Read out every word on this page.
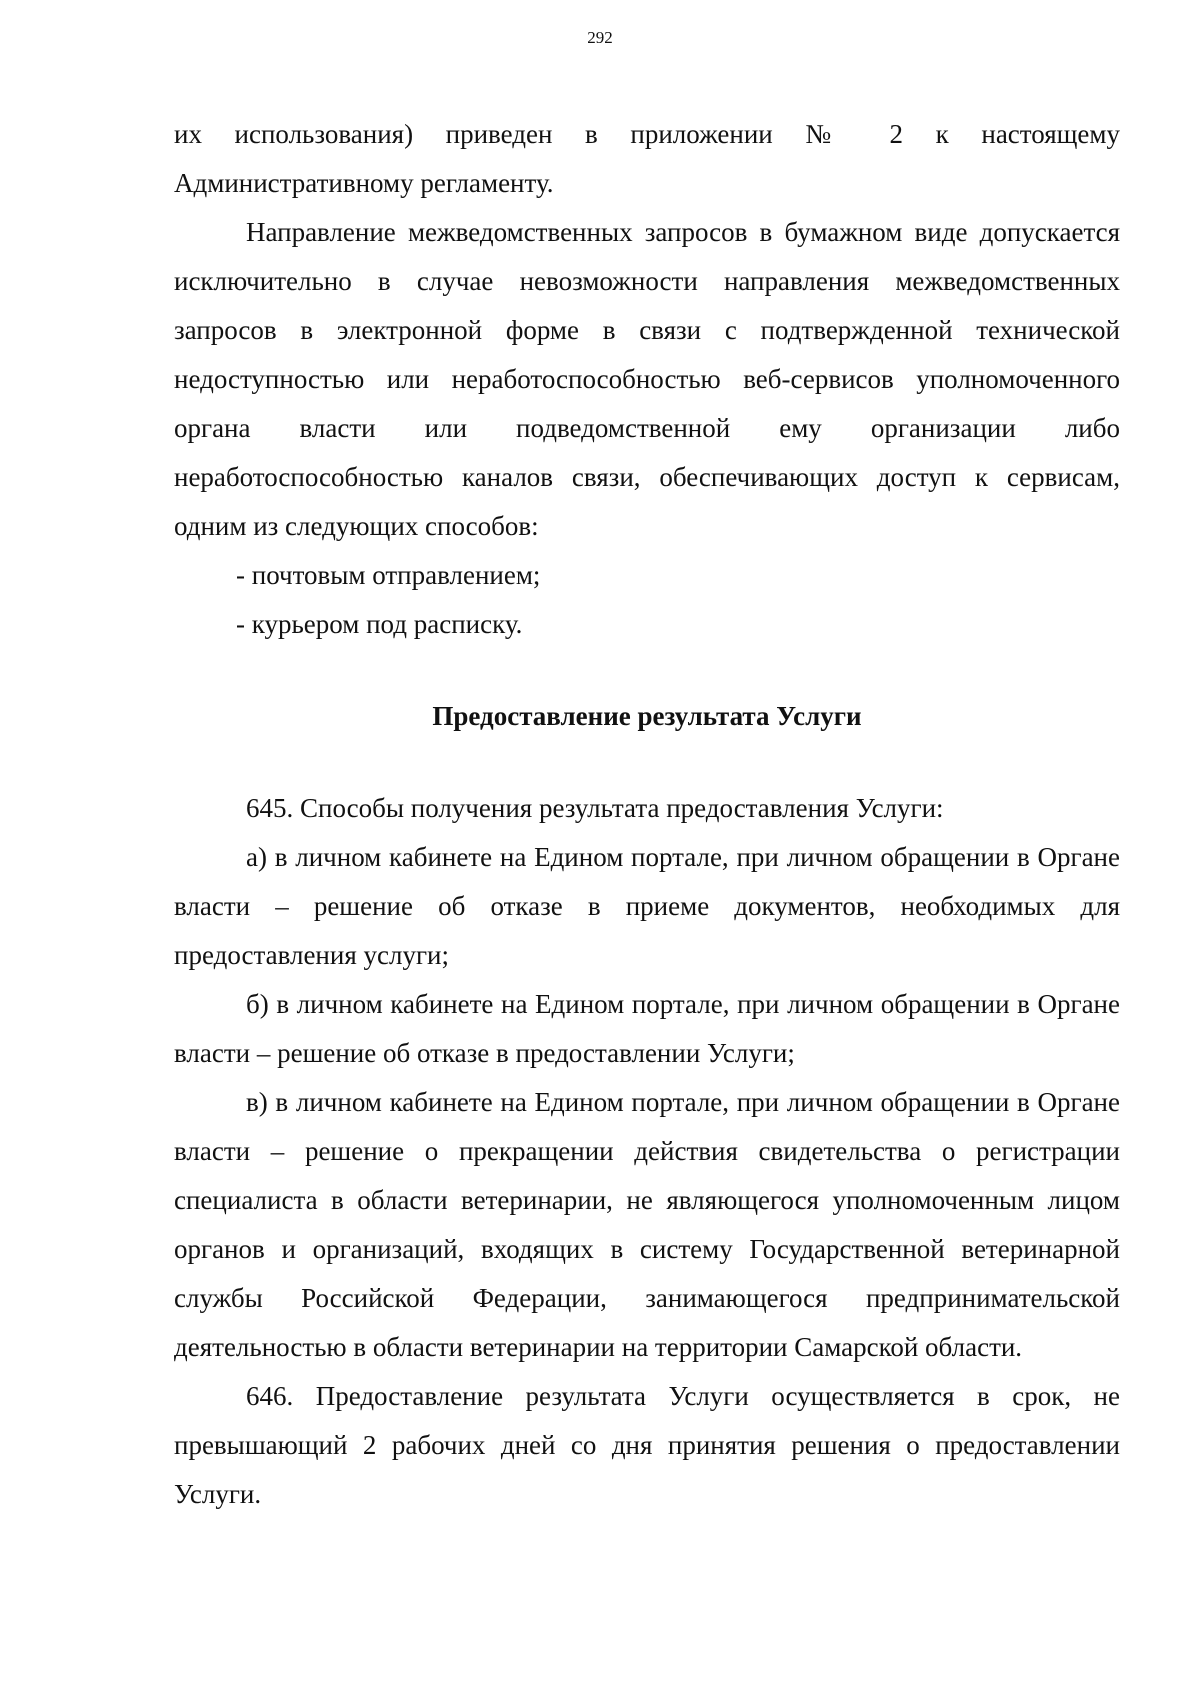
292

их использования) приведен в приложении № 2 к настоящему Административному регламенту.

Направление межведомственных запросов в бумажном виде допускается исключительно в случае невозможности направления межведомственных запросов в электронной форме в связи с подтвержденной технической недоступностью или неработоспособностью веб-сервисов уполномоченного органа власти или подведомственной ему организации либо неработоспособностью каналов связи, обеспечивающих доступ к сервисам, одним из следующих способов:

- почтовым отправлением;

- курьером под расписку.

Предоставление результата Услуги

645. Способы получения результата предоставления Услуги:

а) в личном кабинете на Едином портале, при личном обращении в Органе власти – решение об отказе в приеме документов, необходимых для предоставления услуги;

б) в личном кабинете на Едином портале, при личном обращении в Органе власти – решение об отказе в предоставлении Услуги;

в) в личном кабинете на Едином портале, при личном обращении в Органе власти – решение о прекращении действия свидетельства о регистрации специалиста в области ветеринарии, не являющегося уполномоченным лицом органов и организаций, входящих в систему Государственной ветеринарной службы Российской Федерации, занимающегося предпринимательской деятельностью в области ветеринарии на территории Самарской области.

646. Предоставление результата Услуги осуществляется в срок, не превышающий 2 рабочих дней со дня принятия решения о предоставлении Услуги.
